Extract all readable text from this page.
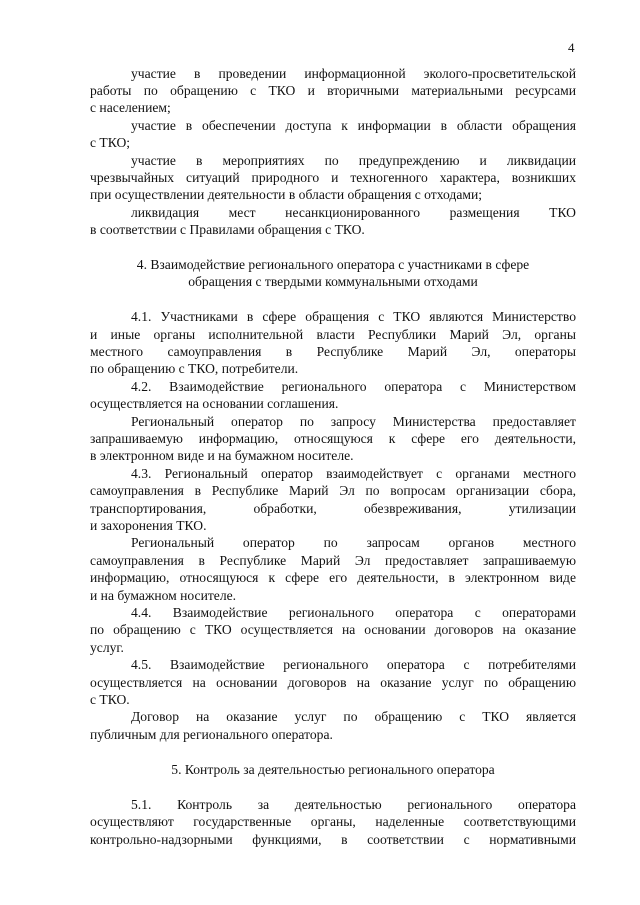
4
участие в проведении информационной эколого-просветительской
работы по обращению с ТКО и вторичными материальными ресурсами
с населением;
участие в обеспечении доступа к информации в области обращения
с ТКО;
участие в мероприятиях по предупреждению и ликвидации
чрезвычайных ситуаций природного и техногенного характера, возникших
при осуществлении деятельности в области обращения с отходами;
ликвидация мест несанкционированного размещения ТКО
в соответствии с Правилами обращения с ТКО.
4. Взаимодействие регионального оператора с участниками в сфере
обращения с твердыми коммунальными отходами
4.1. Участниками в сфере обращения с ТКО являются Министерство
и иные органы исполнительной власти Республики Марий Эл, органы
местного самоуправления в Республике Марий Эл, операторы
по обращению с ТКО, потребители.
4.2. Взаимодействие регионального оператора с Министерством
осуществляется на основании соглашения.
Региональный оператор по запросу Министерства предоставляет
запрашиваемую информацию, относящуюся к сфере его деятельности,
в электронном виде и на бумажном носителе.
4.3. Региональный оператор взаимодействует с органами местного
самоуправления в Республике Марий Эл по вопросам организации сбора,
транспортирования, обработки, обезвреживания, утилизации
и захоронения ТКО.
Региональный оператор по запросам органов местного
самоуправления в Республике Марий Эл предоставляет запрашиваемую
информацию, относящуюся к сфере его деятельности, в электронном виде
и на бумажном носителе.
4.4. Взаимодействие регионального оператора с операторами
по обращению с ТКО осуществляется на основании договоров на оказание
услуг.
4.5. Взаимодействие регионального оператора с потребителями
осуществляется на основании договоров на оказание услуг по обращению
с ТКО.
Договор на оказание услуг по обращению с ТКО является
публичным для регионального оператора.
5. Контроль за деятельностью регионального оператора
5.1. Контроль за деятельностью регионального оператора
осуществляют государственные органы, наделенные соответствующими
контрольно-надзорными функциями, в соответствии с нормативными
